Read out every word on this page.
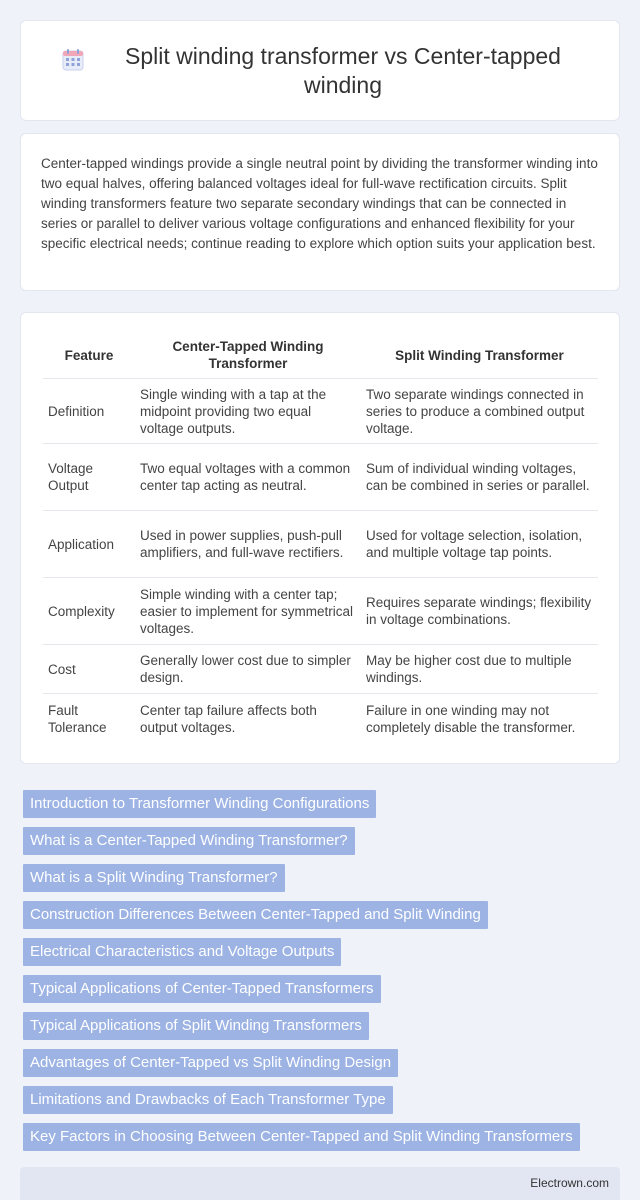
Split winding transformer vs Center-tapped winding

Center-tapped windings provide a single neutral point by dividing the transformer winding into two equal halves, offering balanced voltages ideal for full-wave rectification circuits. Split winding transformers feature two separate secondary windings that can be connected in series or parallel to deliver various voltage configurations and enhanced flexibility for your specific electrical needs; continue reading to explore which option suits your application best.

Feature	Center-Tapped Winding Transformer	Split Winding Transformer
Definition	Single winding with a tap at the midpoint providing two equal voltage outputs.	Two separate windings connected in series to produce a combined output voltage.
Voltage Output	Two equal voltages with a common center tap acting as neutral.	Sum of individual winding voltages, can be combined in series or parallel.
Application	Used in power supplies, push-pull amplifiers, and full-wave rectifiers.	Used for voltage selection, isolation, and multiple voltage tap points.
Complexity	Simple winding with a center tap; easier to implement for symmetrical voltages.	Requires separate windings; flexibility in voltage combinations.
Cost	Generally lower cost due to simpler design.	May be higher cost due to multiple windings.
Fault Tolerance	Center tap failure affects both output voltages.	Failure in one winding may not completely disable the transformer.
Introduction to Transformer Winding Configurations
What is a Center-Tapped Winding Transformer?
What is a Split Winding Transformer?
Construction Differences Between Center-Tapped and Split Winding
Electrical Characteristics and Voltage Outputs
Typical Applications of Center-Tapped Transformers
Typical Applications of Split Winding Transformers
Advantages of Center-Tapped vs Split Winding Design
Limitations and Drawbacks of Each Transformer Type
Key Factors in Choosing Between Center-Tapped and Split Winding Transformers
Electrown.com
